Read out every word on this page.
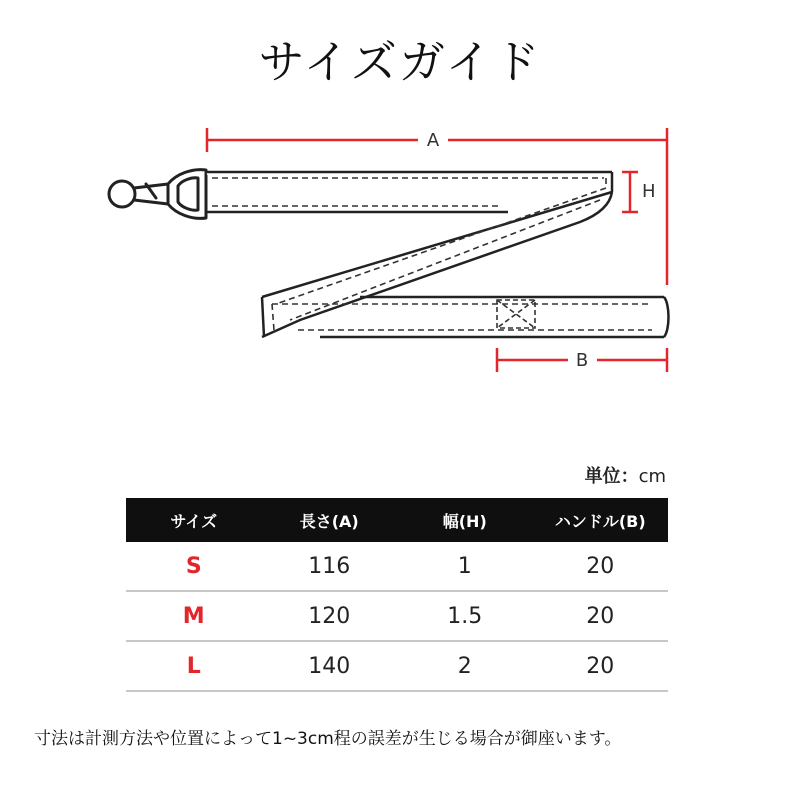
サイズガイド
A
H
B
単位：cm
サイズ	長さ(A)	幅(H)	ハンドル(B)
S	116	1	20
M	120	1.5	20
L	140	2	20
寸法は計測方法や位置によって1~3cm程の誤差が生じる場合が御座います。
